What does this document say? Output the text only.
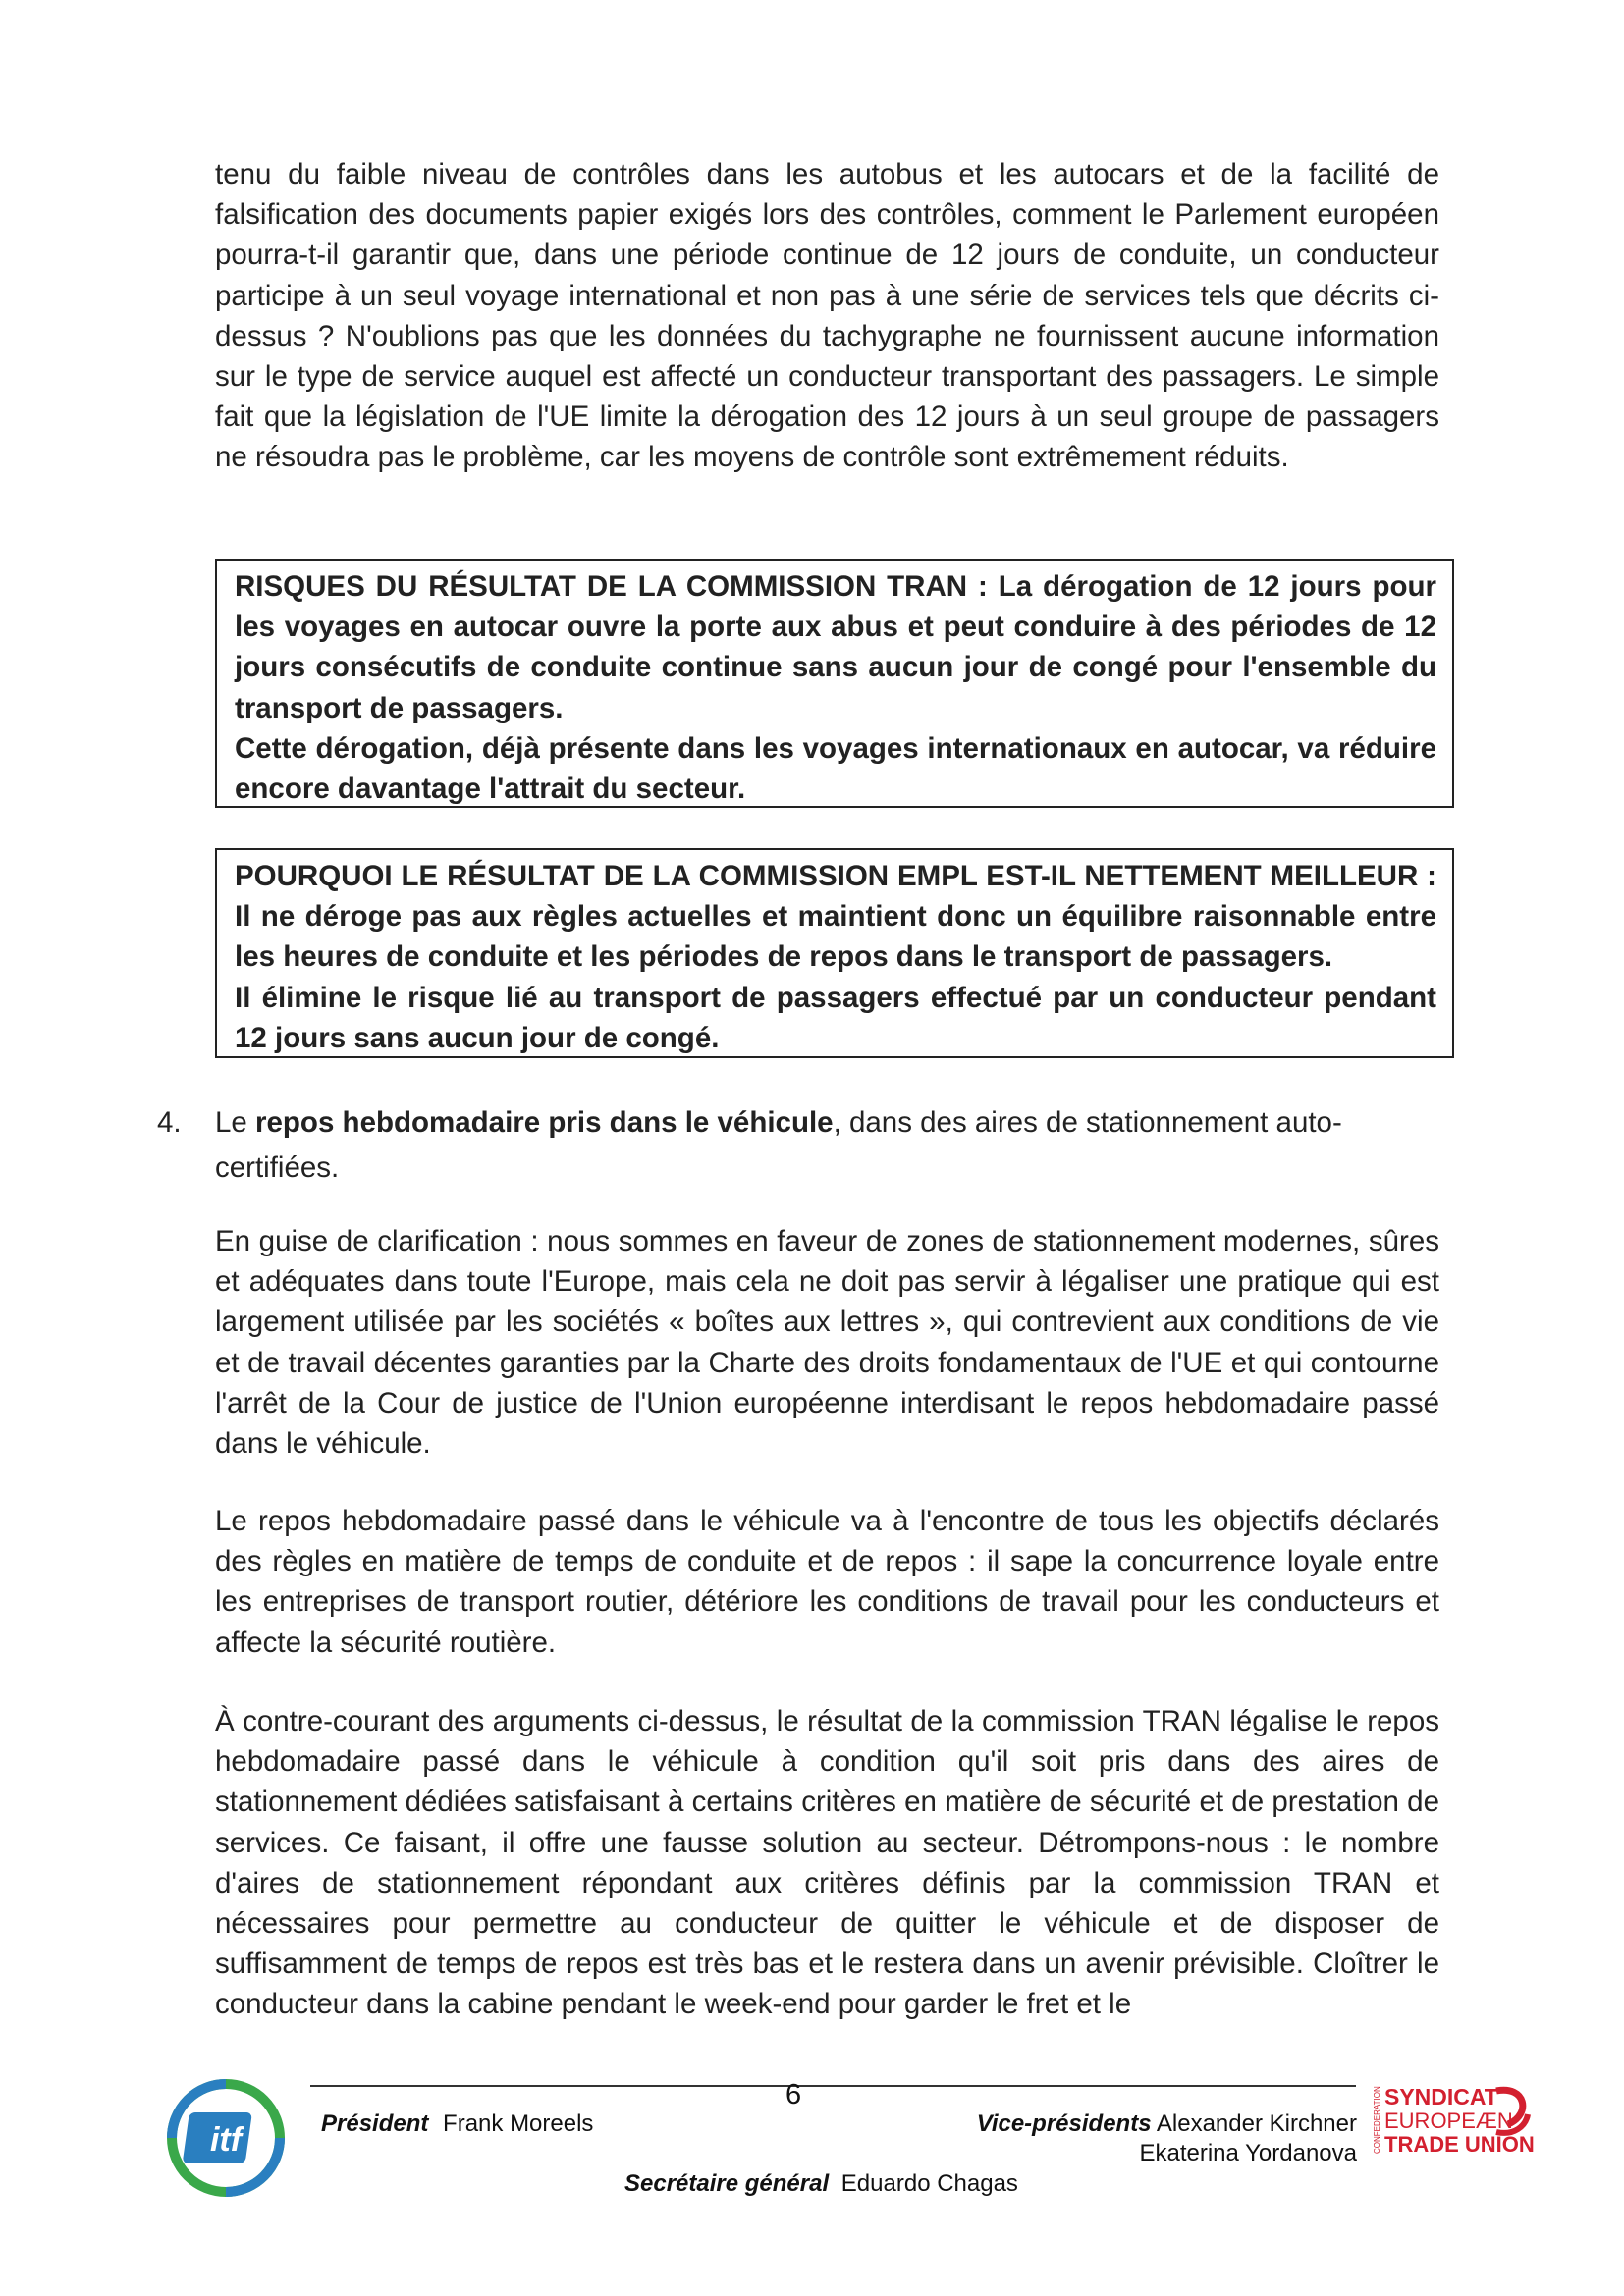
tenu du faible niveau de contrôles dans les autobus et les autocars et de la facilité de falsification des documents papier exigés lors des contrôles, comment le Parlement européen pourra-t-il garantir que, dans une période continue de 12 jours de conduite, un conducteur participe à un seul voyage international et non pas à une série de services tels que décrits ci-dessus ? N'oublions pas que les données du tachygraphe ne fournissent aucune information sur le type de service auquel est affecté un conducteur transportant des passagers. Le simple fait que la législation de l'UE limite la dérogation des 12 jours à un seul groupe de passagers ne résoudra pas le problème, car les moyens de contrôle sont extrêmement réduits.

RISQUES DU RÉSULTAT DE LA COMMISSION TRAN : La dérogation de 12 jours pour les voyages en autocar ouvre la porte aux abus et peut conduire à des périodes de 12 jours consécutifs de conduite continue sans aucun jour de congé pour l'ensemble du transport de passagers.

Cette dérogation, déjà présente dans les voyages internationaux en autocar, va réduire encore davantage l'attrait du secteur.

POURQUOI LE RÉSULTAT DE LA COMMISSION EMPL EST-IL NETTEMENT MEILLEUR : Il ne déroge pas aux règles actuelles et maintient donc un équilibre raisonnable entre les heures de conduite et les périodes de repos dans le transport de passagers.

Il élimine le risque lié au transport de passagers effectué par un conducteur pendant 12 jours sans aucun jour de congé.

4. Le repos hebdomadaire pris dans le véhicule, dans des aires de stationnement auto-

certifiées.

En guise de clarification : nous sommes en faveur de zones de stationnement modernes, sûres et adéquates dans toute l'Europe, mais cela ne doit pas servir à légaliser une pratique qui est largement utilisée par les sociétés « boîtes aux lettres », qui contrevient aux conditions de vie et de travail décentes garanties par la Charte des droits fondamentaux de l'UE et qui contourne l'arrêt de la Cour de justice de l'Union européenne interdisant le repos hebdomadaire passé dans le véhicule.

Le repos hebdomadaire passé dans le véhicule va à l'encontre de tous les objectifs déclarés des règles en matière de temps de conduite et de repos : il sape la concurrence loyale entre les entreprises de transport routier, détériore les conditions de travail pour les conducteurs et affecte la sécurité routière.

À contre-courant des arguments ci-dessus, le résultat de la commission TRAN légalise le repos hebdomadaire passé dans le véhicule à condition qu'il soit pris dans des aires de stationnement dédiées satisfaisant à certains critères en matière de sécurité et de prestation de services. Ce faisant, il offre une fausse solution au secteur. Détrompons-nous : le nombre d'aires de stationnement répondant aux critères définis par la commission TRAN et nécessaires pour permettre au conducteur de quitter le véhicule et de disposer de suffisamment de temps de repos est très bas et le restera dans un avenir prévisible. Cloîtrer le conducteur dans la cabine pendant le week-end pour garder le fret et le

itf
6
Président Frank Moreels	Vice-présidents Alexander Kirchner
Ekaterina Yordanova
Secrétaire général Eduardo Chagas
CONFEDERATION SYNDICAT
EUROPEÆN
TRADE UNION
